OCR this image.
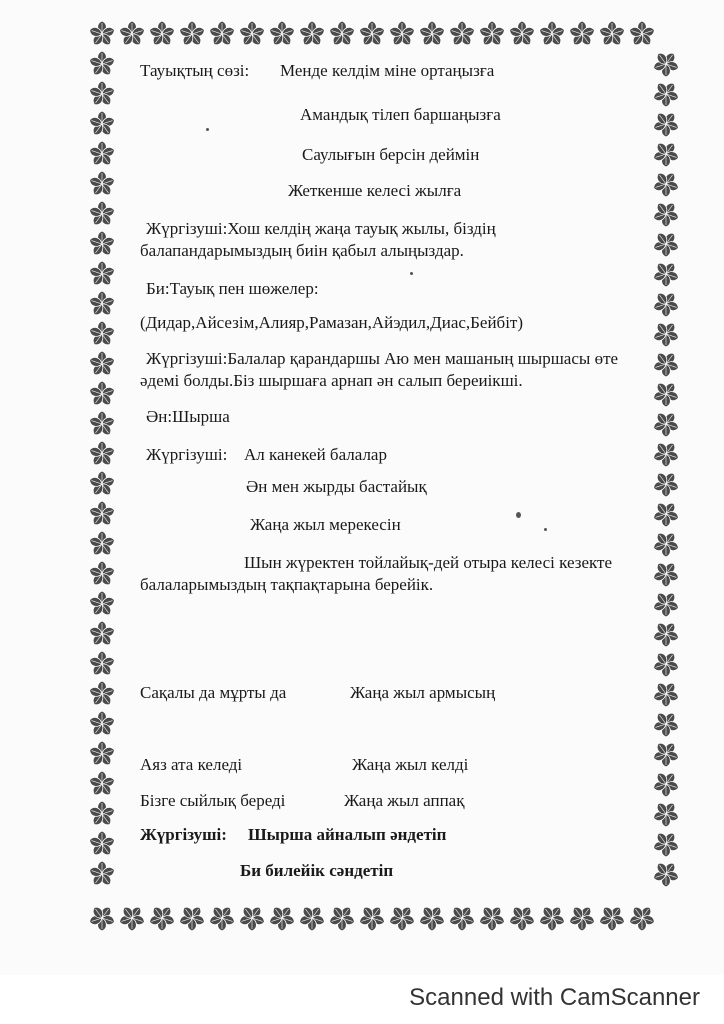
Тауықтың сөзі: Менде келдім міне ортаңызға
Амандық тілеп баршаңызға
Саулығын берсін деймін
Жеткенше келесі жылға
Жүргізуші:Хош келдің жаңа тауық жылы, біздің
балапандарымыздың биін қабыл алыңыздар.
Би:Тауық пен шөжелер:
(Дидар,Айсезім,Алияр,Рамазан,Айэдил,Диас,Бейбіт)
Жүргізуші:Балалар қарандаршы Аю мен машаның шыршасы өте
әдемі болды.Біз шыршаға арнап ән салып береиікші.
Ән:Шырша
Жүргізуші: Ал канекей балалар
Ән мен жырды бастайық
Жаңа жыл мерекесін
Шын жүректен тойлайық-дей отыра келесі кезекте
балаларымыздың тақпақтарына берейік.
Сақалы да мұрты да	Жаңа жыл армысың
Аяз ата келеді	Жаңа жыл келді
Бізге сыйлық береді	Жаңа жыл аппақ
Жүргізуші: Шырша айналып әндетіп
Би билейік сәндетіп
Scanned with CamScanner
